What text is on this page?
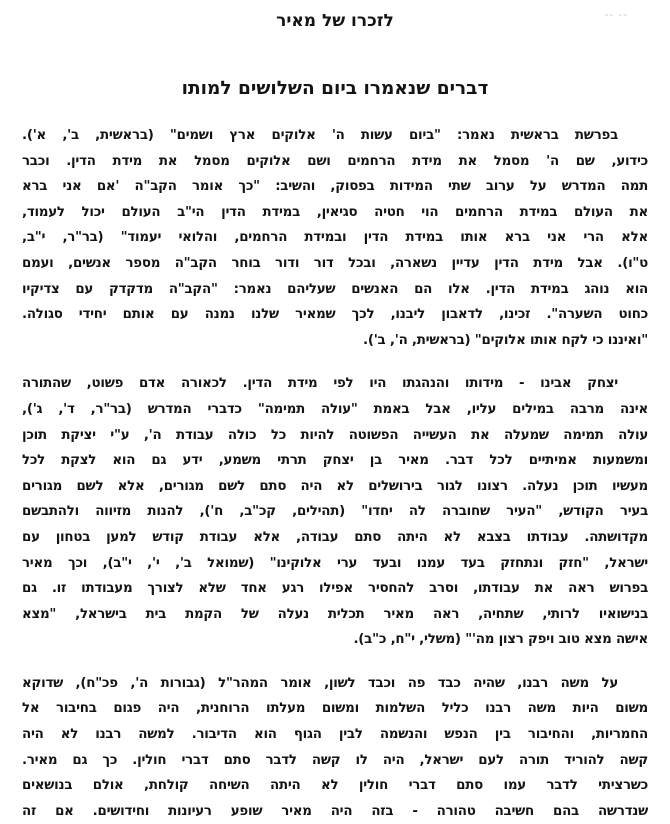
-- --
לזכרו של מאיר
דברים שנאמרו ביום השלושים למותו
בפרשת בראשית נאמר: "ביום עשות ה' אלוקים ארץ ושמים" (בראשית, ב', א').
כידוע, שם ה' מסמל את מידת הרחמים ושם אלוקים מסמל את מידת הדין. וכבר
תמה המדרש על ערוב שתי המידות בפסוק, והשיב: "כך אומר הקב"ה 'אם אני ברא
את העולם במידת הרחמים הוי חטיה סגיאין, במידת הדין הי"ב העולם יכול לעמוד,
אלא הרי אני ברא אותו במידת הדין ובמידת הרחמים, והלואי יעמוד" (בר"ר, י"ב,
ט"ו). אבל מידת הדין עדיין נשארה, ובכל דור ודור בוחר הקב"ה מספר אנשים, ועמם
הוא נוהג במידת הדין. אלו הם האנשים שעליהם נאמר: "הקב"ה מדקדק עם צדיקיו
כחוט השערה". זכינו, לדאבון ליבנו, לכך שמאיר שלנו נמנה עם אותם יחידי סגולה.
"ואיננו כי לקח אותו אלוקים" (בראשית, ה', ב').
יצחק אבינו - מידותו והנהגתו היו לפי מידת הדין. לכאורה אדם פשוט, שהתורה
אינה מרבה במילים עליו, אבל באמת "עולה תמימה" כדברי המדרש (בר"ר, ד', ג'),
עולה תמימה שמעלה את העשייה הפשוטה להיות כל כולה עבודת ה', ע"י יציקת תוכן
ומשמעות אמיתיים לכל דבר. מאיר בן יצחק תרתי משמע, ידע גם הוא לצקת לכל
מעשיו תוכן נעלה. רצונו לגור בירושלים לא היה סתם לשם מגורים, אלא לשם מגורים
בעיר הקודש, "העיר שחוברה לה יחדו" (תהילים, קכ"ב, ח'), להנות מזיווה ולהתבשם
מקדושתה. עבודתו בצבא לא היתה סתם עבודה, אלא עבודת קודש למען בטחון עם
ישראל, "חזק ונתחזק בעד עמנו ובעד ערי אלוקינו" (שמואל ב', י', י"ב), וכך מאיר
בפרוש ראה את עבודתו, וסרב להחסיר אפילו רגע אחד שלא לצורך מעבודתו זו. גם
בנישואיו לרותי, שתחיה, ראה מאיר תכלית נעלה של הקמת בית בישראל, "מצא
אישה מצא טוב ויפק רצון מה'" (משלי, י"ח, כ"ב).
על משה רבנו, שהיה כבד פה וכבד לשון, אומר המהר"ל (גבורות ה', פכ"ח), שדוקא
משום היות משה רבנו כליל השלמות ומשום מעלתו הרוחנית, היה פגום בחיבור אל
החמריות, והחיבור בין הנפש והנשמה לבין הגוף הוא הדיבור. למשה רבנו לא היה
קשה להוריד תורה לעם ישראל, היה לו קשה לדבר סתם דברי חולין. כך גם מאיר.
כשרציתי לדבר עמו סתם דברי חולין לא היתה השיחה קולחת, אולם בנושאים
שנדרשה בהם חשיבה טהורה - בזה היה מאיר שופע רעיונות וחידושים. אם זה
